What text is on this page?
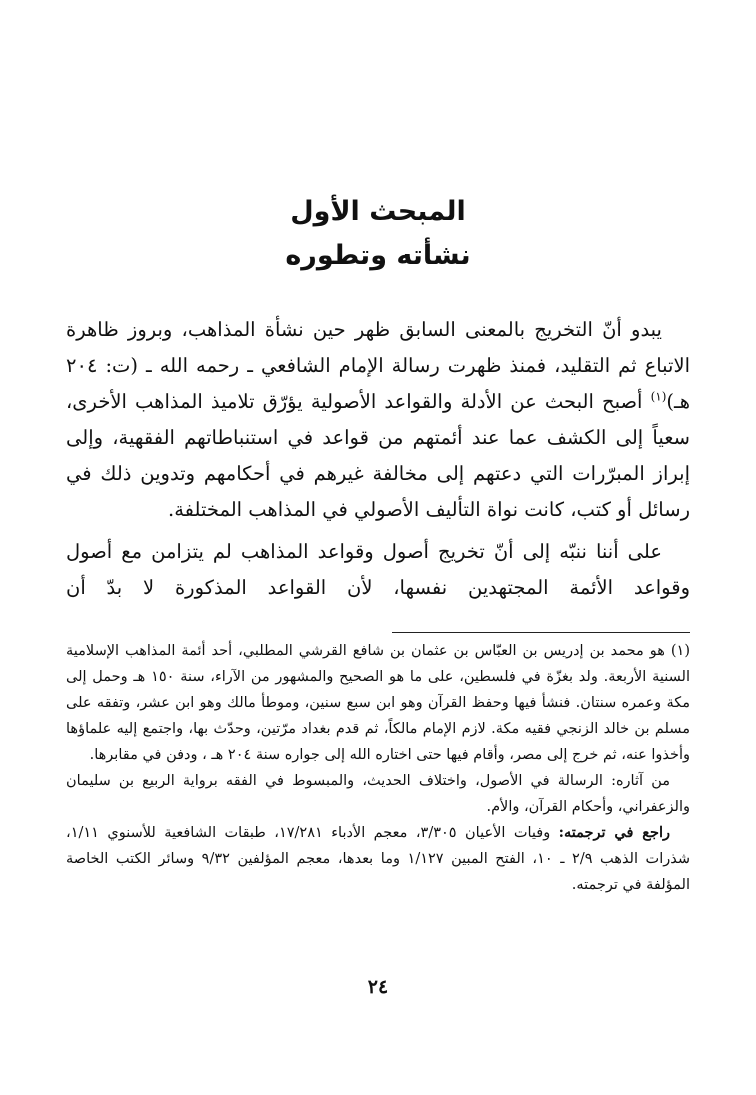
المبحث الأول
نشأته وتطوره

يبدو أنّ التخريج بالمعنى السابق ظهر حين نشأة المذاهب، وبروز ظاهرة الاتباع ثم التقليد، فمنذ ظهرت رسالة الإمام الشافعي ـ رحمه الله ـ (ت: ٢٠٤ هـ)$^{(١)}$ أصبح البحث عن الأدلة والقواعد الأصولية يؤرّق تلاميذ المذاهب الأخرى، سعياً إلى الكشف عما عند أئمتهم من قواعد في استنباطاتهم الفقهية، وإلى إبراز المبرّرات التي دعتهم إلى مخالفة غيرهم في أحكامهم وتدوين ذلك في رسائل أو كتب، كانت نواة التأليف الأصولي في المذاهب المختلفة.

على أننا ننبّه إلى أنّ تخريج أصول وقواعد المذاهب لم يتزامن مع أصول وقواعد الأئمة المجتهدين نفسها، لأن القواعد المذكورة لا بدّ أن

(١) هو محمد بن إدريس بن العبّاس بن عثمان بن شافع القرشي المطلبي، أحد أئمة المذاهب الإسلامية السنية الأربعة. ولد بغزّة في فلسطين، على ما هو الصحيح والمشهور من الآراء، سنة ١٥٠ هـ وحمل إلى مكة وعمره سنتان. فنشأ فيها وحفظ القرآن وهو ابن سبع سنين، وموطأ مالك وهو ابن عشر، وتفقه على مسلم بن خالد الزنجي فقيه مكة. لازم الإمام مالكاً، ثم قدم بغداد مرّتين، وحدّث بها، واجتمع إليه علماؤها وأخذوا عنه، ثم خرج إلى مصر، وأقام فيها حتى اختاره الله إلى جواره سنة ٢٠٤ هـ ، ودفن في مقابرها.

من آثاره: الرسالة في الأصول، واختلاف الحديث، والمبسوط في الفقه برواية الربيع بن سليمان والزعفراني، وأحكام القرآن، والأم.

راجع في ترجمته: وفيات الأعيان ٣/٣٠٥، معجم الأدباء ١٧/٢٨١، طبقات الشافعية للأسنوي ١/١١، شذرات الذهب ٢/٩ ـ ١٠، الفتح المبين ١/١٢٧ وما بعدها، معجم المؤلفين ٩/٣٢ وسائر الكتب الخاصة المؤلفة في ترجمته.

٢٤
